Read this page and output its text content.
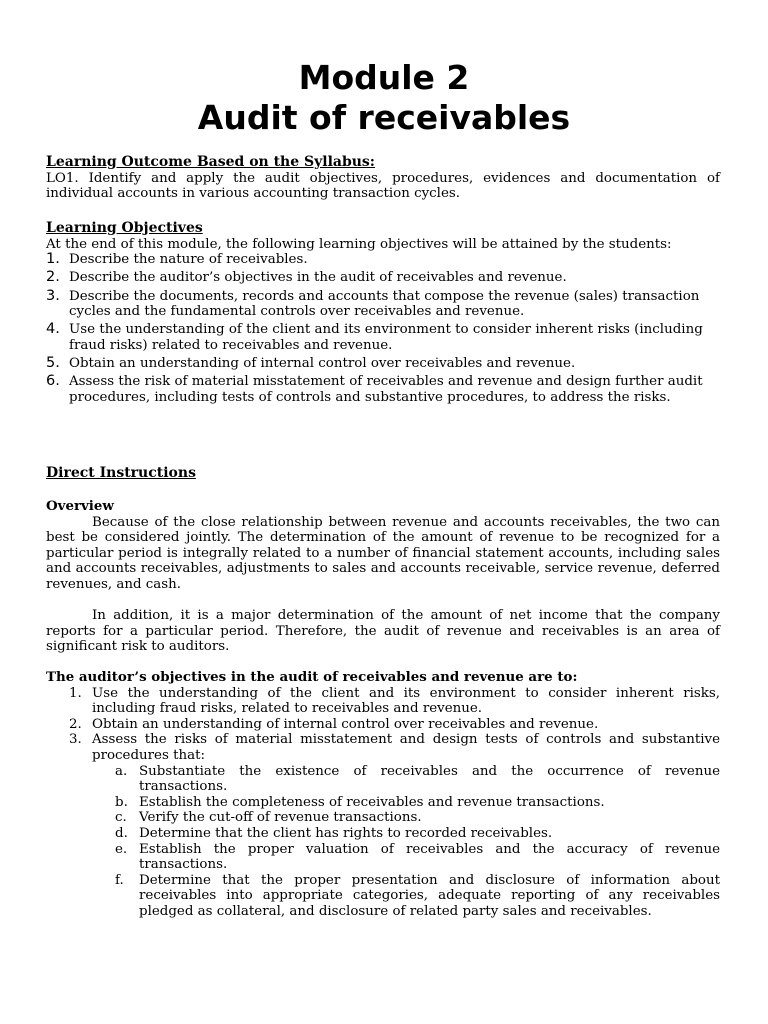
Module 2
Audit of receivables
Learning Outcome Based on the Syllabus:
LO1. Identify and apply the audit objectives, procedures, evidences and documentation of individual accounts in various accounting transaction cycles.
Learning Objectives
At the end of this module, the following learning objectives will be attained by the students:
1. Describe the nature of receivables.
2. Describe the auditor’s objectives in the audit of receivables and revenue.
3. Describe the documents, records and accounts that compose the revenue (sales) transaction cycles and the fundamental controls over receivables and revenue.
4. Use the understanding of the client and its environment to consider inherent risks (including fraud risks) related to receivables and revenue.
5. Obtain an understanding of internal control over receivables and revenue.
6. Assess the risk of material misstatement of receivables and revenue and design further audit procedures, including tests of controls and substantive procedures, to address the risks.
Direct Instructions
Overview
Because of the close relationship between revenue and accounts receivables, the two can best be considered jointly. The determination of the amount of revenue to be recognized for a particular period is integrally related to a number of financial statement accounts, including sales and accounts receivables, adjustments to sales and accounts receivable, service revenue, deferred revenues, and cash.
In addition, it is a major determination of the amount of net income that the company reports for a particular period. Therefore, the audit of revenue and receivables is an area of significant risk to auditors.
The auditor’s objectives in the audit of receivables and revenue are to:
1. Use the understanding of the client and its environment to consider inherent risks, including fraud risks, related to receivables and revenue.
2. Obtain an understanding of internal control over receivables and revenue.
3. Assess the risks of material misstatement and design tests of controls and substantive procedures that:
a. Substantiate the existence of receivables and the occurrence of revenue transactions.
b. Establish the completeness of receivables and revenue transactions.
c. Verify the cut-off of revenue transactions.
d. Determine that the client has rights to recorded receivables.
e. Establish the proper valuation of receivables and the accuracy of revenue transactions.
f. Determine that the proper presentation and disclosure of information about receivables into appropriate categories, adequate reporting of any receivables pledged as collateral, and disclosure of related party sales and receivables.
